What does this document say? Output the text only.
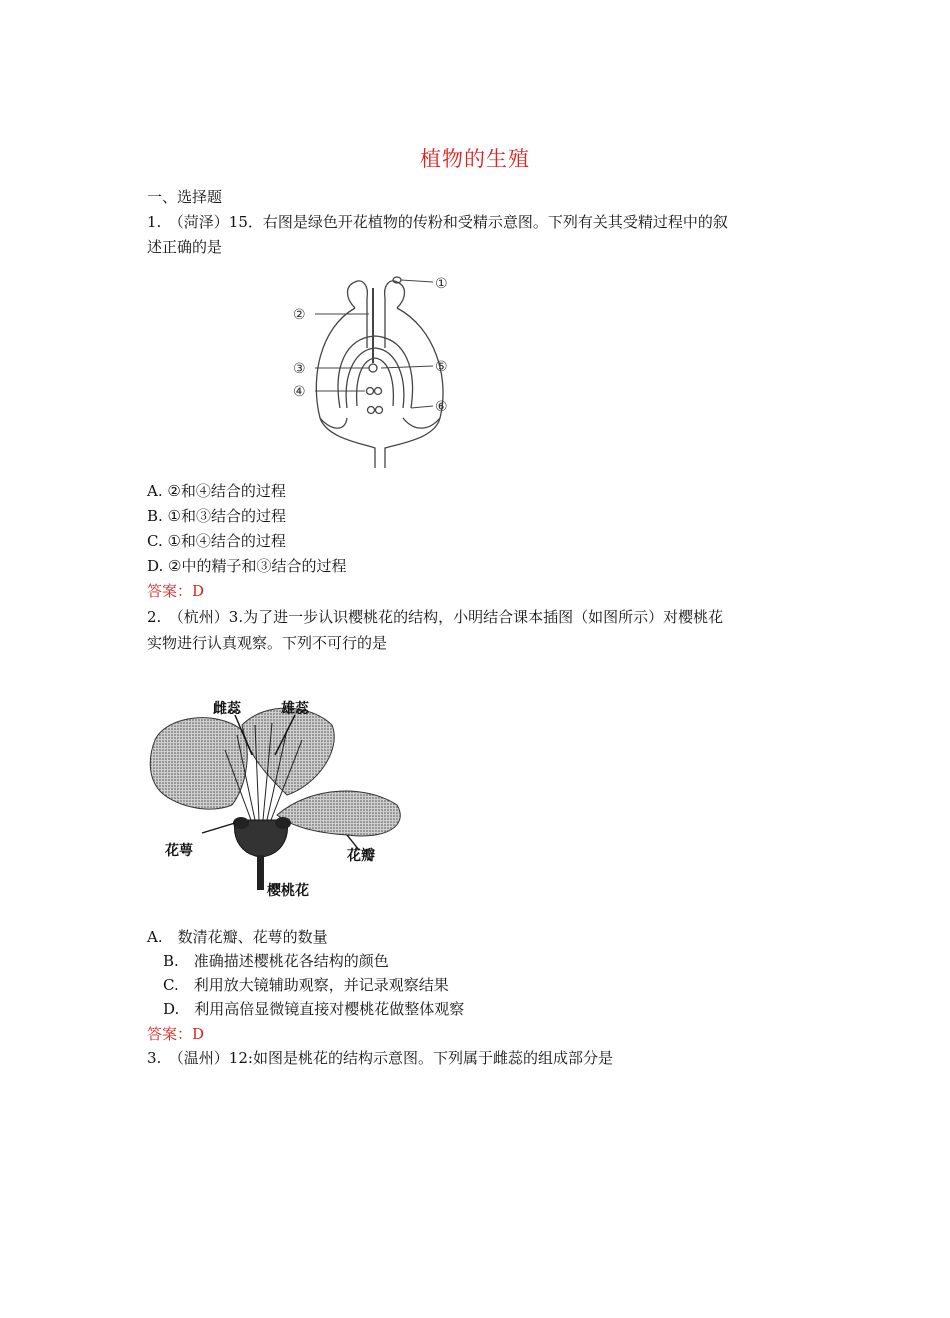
植物的生殖
一、选择题
1.　（菏泽）15．右图是绿色开花植物的传粉和受精示意图。下列有关其受精过程中的叙
述正确的是
①
②
③
④
⑤
⑥
A. ②和④结合的过程
B. ①和③结合的过程
C. ①和④结合的过程
D. ②中的精子和③结合的过程
答案：D
2.　（杭州）3.为了进一步认识樱桃花的结构，小明结合课本插图（如图所示）对樱桃花
实物进行认真观察。下列不可行的是
雌蕊	雄蕊
花萼	花瓣
樱桃花
A.　数清花瓣、花萼的数量
B.　准确描述樱桃花各结构的颜色
C.　利用放大镜辅助观察，并记录观察结果
D.　利用高倍显微镜直接对樱桃花做整体观察
答案：D
3.　（温州）12:如图是桃花的结构示意图。下列属于雌蕊的组成部分是
